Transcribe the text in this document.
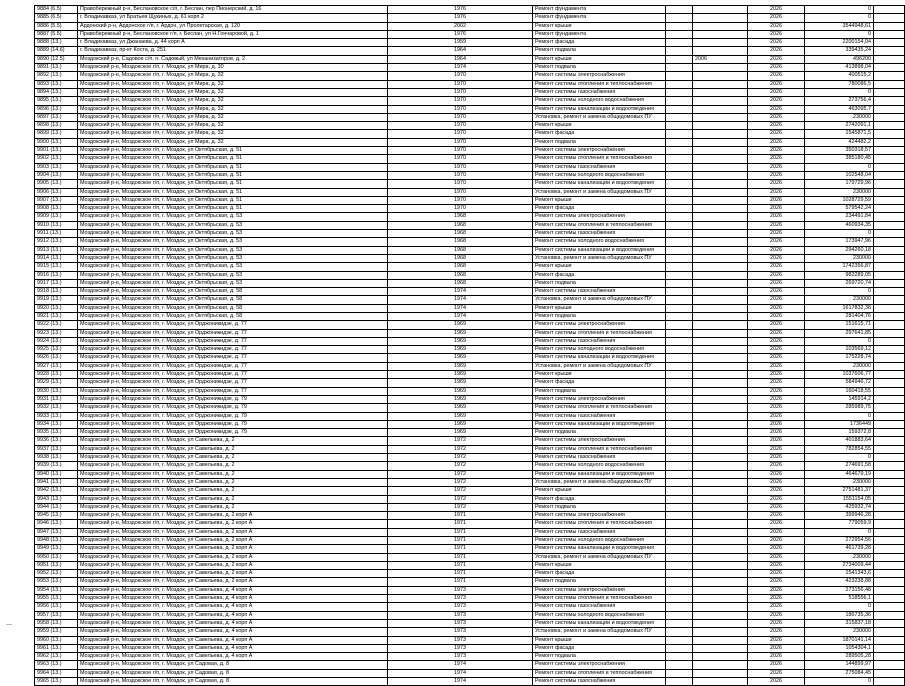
9884 (6.5)	Правобережный р-н, Беслановское с/п, г. Беслан, пер Пионерский, д. 16	1976	Ремонт фундамента			2026	0	
9885 (6.5)	г. Владикавказ, ул Братьев Щукиных, д. 61 корп 2	1976	Ремонт фундамента			2026	0	
9886 (5.5)	Ардонский р-н, Ардонское г/п, г. Ардон, ул Пролетарская, д. 120	2002	Ремонт крыши			2026	3544948,61	
9887 (5.5)	Правобережный р-н, Беслановское г/п, г. Беслан, ул Н.Гончаровой, д. 1	1976	Ремонт фундамента			2026	0	
9888 (13.)	г. Владикавказ, ул Джанаева, д. 44 корп А	1959	Ремонт фасада			2026	2200154,04	
9889 (14.6)	г. Владикавказ, пр-кт Коста, д. 251	1964	Ремонт подвала			2026	339435,24	
9890 (12.5)	Моздокский р-н, Садовое с/п, п. Садовый, ул Механизаторов, д. 2	1964	Ремонт крыши		2006	2026	496200	
9891 (13.)	Моздокский р-н, Моздокское г/п, г. Моздок, ул Мира, д. 30	1974	Ремонт подвала			2026	413898,04	
9892 (13.)	Моздокский р-н, Моздокское г/п, г. Моздок, ул Мира, д. 32	1970	Ремонт системы электроснабжения			2026	400515,2	
9893 (13.)	Моздокский р-н, Моздокское г/п, г. Моздок, ул Мира, д. 32	1970	Ремонт системы отопления и теплоснабжения			2026	780086,5	
9894 (13.)	Моздокский р-н, Моздокское г/п, г. Моздок, ул Мира, д. 32	1970	Ремонт системы газоснабжения			2026	0	
9895 (13.)	Моздокский р-н, Моздокское г/п, г. Моздок, ул Мира, д. 32	1970	Ремонт системы холодного водоснабжения			2026	273756,4	
9896 (13.)	Моздокский р-н, Моздокское г/п, г. Моздок, ул Мира, д. 32	1970	Ремонт системы канализации и водоотведения			2026	463095,7	
9897 (13.)	Моздокский р-н, Моздокское г/п, г. Моздок, ул Мира, д. 32	1970	Установка, ремонт и замена общедомовых ПУ			2026	230000	
9898 (13.)	Моздокский р-н, Моздокское г/п, г. Моздок, ул Мира, д. 32	1970	Ремонт крыши			2026	2742091,1	
9899 (13.)	Моздокский р-н, Моздокское г/п, г. Моздок, ул Мира, д. 32	1970	Ремонт фасада			2026	1545871,5	
9900 (13.)	Моздокский р-н, Моздокское г/п, г. Моздок, ул Мира, д. 32	1970	Ремонт подвала			2026	424482,2	
9901 (13.)	Моздокский р-н, Моздокское г/п, г. Моздок, ул Октябрьская, д. 51	1970	Ремонт системы электроснабжения			2026	350318,57	
9902 (13.)	Моздокский р-н, Моздокское г/п, г. Моздок, ул Октябрьская, д. 51	1970	Ремонт системы отопления и теплоснабжения			2026	385180,45	
9903 (13.)	Моздокский р-н, Моздокское г/п, г. Моздок, ул Октябрьская, д. 51	1970	Ремонт системы газоснабжения			2026	0	
9904 (13.)	Моздокский р-н, Моздокское г/п, г. Моздок, ул Октябрьская, д. 51	1970	Ремонт системы холодного водоснабжения			2026	102548,04	
9905 (13.)	Моздокский р-н, Моздокское г/п, г. Моздок, ул Октябрьская, д. 51	1970	Ремонт системы канализации и водоотведения			2026	179729,96	
9906 (13.)	Моздокский р-н, Моздокское г/п, г. Моздок, ул Октябрьская, д. 51	1970	Установка, ремонт и замена общедомовых ПУ			2026	230000	
9907 (13.)	Моздокский р-н, Моздокское г/п, г. Моздок, ул Октябрьская, д. 51	1970	Ремонт крыши			2026	1028729,59	
9908 (13.)	Моздокский р-н, Моздокское г/п, г. Моздок, ул Октябрьская, д. 51	1970	Ремонт фасада			2026	579542,24	
9909 (13.)	Моздокский р-н, Моздокское г/п, г. Моздок, ул Октябрьская, д. 53	1968	Ремонт системы электроснабжения			2026	234491,84	
9910 (13.)	Моздокский р-н, Моздокское г/п, г. Моздок, ул Октябрьская, д. 53	1968	Ремонт системы отопления и теплоснабжения			2026	460934,35	
9911 (13.)	Моздокский р-н, Моздокское г/п, г. Моздок, ул Октябрьская, д. 53	1968	Ремонт системы газоснабжения			2026	0	
9912 (13.)	Моздокский р-н, Моздокское г/п, г. Моздок, ул Октябрьская, д. 53	1968	Ремонт системы холодного водоснабжения			2026	173947,96	
9913 (13.)	Моздокский р-н, Моздокское г/п, г. Моздок, ул Октябрьская, д. 53	1968	Ремонт системы канализации и водоотведения			2026	294260,18	
9914 (13.)	Моздокский р-н, Моздокское г/п, г. Моздок, ул Октябрьская, д. 53	1968	Установка, ремонт и замена общедомовых ПУ			2026	230000	
9915 (13.)	Моздокский р-н, Моздокское г/п, г. Моздок, ул Октябрьская, д. 53	1968	Ремонт крыши			2026	1742356,87	
9916 (13.)	Моздокский р-н, Моздокское г/п, г. Моздок, ул Октябрьская, д. 53	1968	Ремонт фасада			2026	982289,05	
9917 (13.)	Моздокский р-н, Моздокское г/п, г. Моздок, ул Октябрьская, д. 53	1968	Ремонт подвала			2026	269720,74	
9918 (13.)	Моздокский р-н, Моздокское г/п, г. Моздок, ул Октябрьская, д. 58	1974	Ремонт системы газоснабжения			2026	0	
9919 (13.)	Моздокский р-н, Моздокское г/п, г. Моздок, ул Октябрьская, д. 58	1974	Установка, ремонт и замена общедомовых ПУ			2026	230000	
9920 (13.)	Моздокский р-н, Моздокское г/п, г. Моздок, ул Октябрьская, д. 58	1974	Ремонт крыши			2026	1617832,38	
9921 (13.)	Моздокский р-н, Моздокское г/п, г. Моздок, ул Октябрьская, д. 58	1974	Ремонт подвала			2026	281404,76	
9922 (13.)	Моздокский р-н, Моздокское г/п, г. Моздок, ул Орджоникидзе, д. 77	1969	Ремонт системы электроснабжения			2026	151615,71	
9923 (13.)	Моздокский р-н, Моздокское г/п, г. Моздок, ул Орджоникидзе, д. 77	1969	Ремонт системы отопления и теплоснабжения			2026	297641,85	
9924 (13.)	Моздокский р-н, Моздокское г/п, г. Моздок, ул Орджоникидзе, д. 77	1969	Ремонт системы газоснабжения			2026	0	
9925 (13.)	Моздокский р-н, Моздокское г/п, г. Моздок, ул Орджоникидзе, д. 77	1969	Ремонт системы холодного водоснабжения			2026	103569,12	
9926 (13.)	Моздокский р-н, Моздокское г/п, г. Моздок, ул Орджоникидзе, д. 77	1969	Ремонт системы канализации и водоотведения			2026	175228,74	
9927 (13.)	Моздокский р-н, Моздокское г/п, г. Моздок, ул Орджоникидзе, д. 77	1969	Установка, ремонт и замена общедомовых ПУ			2026	230000	
9928 (13.)	Моздокский р-н, Моздокское г/п, г. Моздок, ул Орджоникидзе, д. 77	1969	Ремонт крыши			2026	1037606,77	
9929 (13.)	Моздокский р-н, Моздокское г/п, г. Моздок, ул Орджоникидзе, д. 77	1969	Ремонт фасада			2026	584946,72	
9930 (13.)	Моздокский р-н, Моздокское г/п, г. Моздок, ул Орджоникидзе, д. 77	1969	Ремонт подвала			2026	160418,55	
9931 (13.)	Моздокский р-н, Моздокское г/п, г. Моздок, ул Орджоникидзе, д. 79	1969	Ремонт системы электроснабжения			2026	145914,2	
9932 (13.)	Моздокский р-н, Моздокское г/п, г. Моздок, ул Орджоникидзе, д. 79	1969	Ремонт системы отопления и теплоснабжения			2026	285989,75	
9933 (13.)	Моздокский р-н, Моздокское г/п, г. Моздок, ул Орджоникидзе, д. 79	1969	Ремонт системы газоснабжения			2026	0	
9934 (13.)	Моздокский р-н, Моздокское г/п, г. Моздок, ул Орджоникидзе, д. 79	1969	Ремонт системы канализации и водоотведения			2026	1736449	
9935 (13.)	Моздокский р-н, Моздокское г/п, г. Моздок, ул Орджоникидзе, д. 79	1969	Ремонт подвала			2026	159372,8	
9936 (13.)	Моздокский р-н, Моздокское г/п, г. Моздок, ул Савельева, д. 2	1972	Ремонт системы электроснабжения			2026	401883,64	
9937 (13.)	Моздокский р-н, Моздокское г/п, г. Моздок, ул Савельева, д. 2	1972	Ремонт системы отопления и теплоснабжения			2026	782854,55	
9938 (13.)	Моздокский р-н, Моздокское г/п, г. Моздок, ул Савельева, д. 2	1972	Ремонт системы газоснабжения			2026	0	
9939 (13.)	Моздокский р-н, Моздокское г/п, г. Моздок, ул Савельева, д. 2	1972	Ремонт системы холодного водоснабжения			2026	274691,58	
9940 (13.)	Моздокский р-н, Моздокское г/п, г. Моздок, ул Савельева, д. 2	1972	Ремонт системы канализации и водоотведения			2026	464679,19	
9941 (13.)	Моздокский р-н, Моздокское г/п, г. Моздок, ул Савельева, д. 2	1972	Установка, ремонт и замена общедомовых ПУ			2026	230000	
9942 (13.)	Моздокский р-н, Моздокское г/п, г. Моздок, ул Савельева, д. 2	1972	Ремонт крыши			2026	2751481,37	
9943 (13.)	Моздокский р-н, Моздокское г/п, г. Моздок, ул Савельева, д. 2	1972	Ремонт фасада			2026	1551154,05	
9944 (13.)	Моздокский р-н, Моздокское г/п, г. Моздок, ул Савельева, д. 2	1972	Ремонт подвала			2026	425932,74	
9945 (13.)	Моздокский р-н, Моздокское г/п, г. Моздок, ул Савельева, д. 2 корп А	1971	Ремонт системы электроснабжения			2026	399946,28	
9946 (13.)	Моздокский р-н, Моздокское г/п, г. Моздок, ул Савельева, д. 2 корп А	1971	Ремонт системы отопления и теплоснабжения			2026	779059,9	
9947 (13.)	Моздокский р-н, Моздокское г/п, г. Моздок, ул Савельева, д. 2 корп А	1971	Ремонт системы газоснабжения			2026	0	
9948 (13.)	Моздокский р-н, Моздокское г/п, г. Моздок, ул Савельева, д. 2 корп А	1971	Ремонт системы холодного водоснабжения			2026	272954,56	
9949 (13.)	Моздокский р-н, Моздокское г/п, г. Моздок, ул Савельева, д. 2 корп А	1971	Ремонт системы канализации и водоотведения			2026	461739,28	
9950 (13.)	Моздокский р-н, Моздокское г/п, г. Моздок, ул Савельева, д. 2 корп А	1971	Установка, ремонт и замена общедомовых ПУ			2026	230000	
9951 (13.)	Моздокский р-н, Моздокское г/п, г. Моздок, ул Савельева, д. 2 корп А	1971	Ремонт крыши			2026	2734009,44	
9952 (13.)	Моздокский р-н, Моздокское г/п, г. Моздок, ул Савельева, д. 2 корп А	1971	Ремонт фасада			2026	1541343,6	
9953 (13.)	Моздокский р-н, Моздокское г/п, г. Моздок, ул Савельева, д. 2 корп А	1971	Ремонт подвала			2026	423238,88	
9954 (13.)	Моздокский р-н, Моздокское г/п, г. Моздок, ул Савельева, д. 4 корп А	1973	Ремонт системы электроснабжения			2026	273156,48	
9955 (13.)	Моздокский р-н, Моздокское г/п, г. Моздок, ул Савельева, д. 4 корп А	1973	Ремонт системы отопления и теплоснабжения			2026	518556,1	
9956 (13.)	Моздокский р-н, Моздокское г/п, г. Моздок, ул Савельева, д. 4 корп А	1973	Ремонт системы газоснабжения			2026	0	
9957 (13.)	Моздокский р-н, Моздокское г/п, г. Моздок, ул Савельева, д. 4 корп А	1973	Ремонт системы холодного водоснабжения			2026	186735,36	
9958 (13.)	Моздокский р-н, Моздокское г/п, г. Моздок, ул Савельева, д. 4 корп А	1973	Ремонт системы канализации и водоотведения			2026	315837,18	
9959 (13.)	Моздокский р-н, Моздокское г/п, г. Моздок, ул Савельева, д. 4 корп А	1973	Установка, ремонт и замена общедомовых ПУ			2026	230000	
9960 (13.)	Моздокский р-н, Моздокское г/п, г. Моздок, ул Савельева, д. 4 корп А	1973	Ремонт крыши			2026	1870141,14	
9961 (13.)	Моздокский р-н, Моздокское г/п, г. Моздок, ул Савельева, д. 4 корп А	1973	Ремонт фасада			2026	1054304,1	
9962 (13.)	Моздокский р-н, Моздокское г/п, г. Моздок, ул Савельева, д. 4 корп А	1973	Ремонт подвала			2026	289505,28	
9963 (13.)	Моздокский р-н, Моздокское г/п, г. Моздок, ул Садовая, д. 8	1974	Ремонт системы электроснабжения			2026	144899,97	
9964 (13.)	Моздокский р-н, Моздокское г/п, г. Моздок, ул Садовая, д. 8	1974	Ремонт системы отопления и теплоснабжения			2026	275084,45	
9965 (13.)	Моздокский р-н, Моздокское г/п, г. Моздок, ул Садовая, д. 8	1974	Ремонт системы газоснабжения			2026	0	
—
